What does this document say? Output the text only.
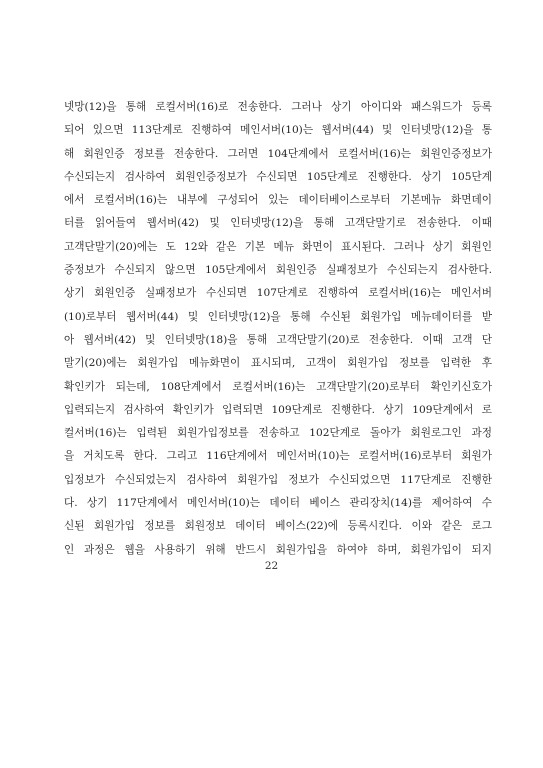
넷망(12)을 통해 로컬서버(16)로 전송한다. 그러나 상기 아이디와 패스워드가 등록
되어 있으면 113단계로 진행하여 메인서버(10)는 웹서버(44) 및 인터넷망(12)을 통
해 회원인증 정보를 전송한다. 그러면 104단계에서 로컬서버(16)는 회원인증정보가
수신되는지 검사하여 회원인증정보가 수신되면 105단계로 진행한다. 상기 105단계
에서 로컬서버(16)는 내부에 구성되어 있는 데이터베이스로부터 기본메뉴 화면데이
터를 읽어들여 웹서버(42) 및 인터넷망(12)을 통해 고객단말기로 전송한다. 이때
고객단말기(20)에는 도 12와 같은 기본 메뉴 화면이 표시된다. 그러나 상기 회원인
증정보가 수신되지 않으면 105단계에서 회원인증 실패정보가 수신되는지 검사한다.
상기 회원인증 실패정보가 수신되면 107단계로 진행하여 로컬서버(16)는 메인서버
(10)로부터 웹서버(44) 및 인터넷망(12)을 통해 수신된 회원가입 메뉴데이터를 받
아 웹서버(42) 및 인터넷망(18)을 통해 고객단말기(20)로 전송한다. 이때 고객 단
말기(20)에는 회원가입 메뉴화면이 표시되며, 고객이 회원가입 정보를 입력한 후
확인키가 되는데, 108단계에서 로컬서버(16)는 고객단말기(20)로부터 확인키신호가
입력되는지 검사하여 확인키가 입력되면 109단계로 진행한다. 상기 109단계에서 로
컬서버(16)는 입력된 회원가입정보를 전송하고 102단계로 돌아가 회원로그인 과정
을 거치도록 한다. 그리고 116단계에서 메인서버(10)는 로컬서버(16)로부터 회원가
입정보가 수신되었는지 검사하여 회원가입 정보가 수신되었으면 117단계로 진행한
다. 상기 117단계에서 메인서버(10)는 데이터 베이스 관리장치(14)를 제어하여 수
신된 회원가입 정보를 회원정보 데이터 베이스(22)에 등록시킨다. 이와 같은 로그
인 과정은 웹을 사용하기 위해 반드시 회원가입을 하여야 하며, 회원가입이 되지
22
